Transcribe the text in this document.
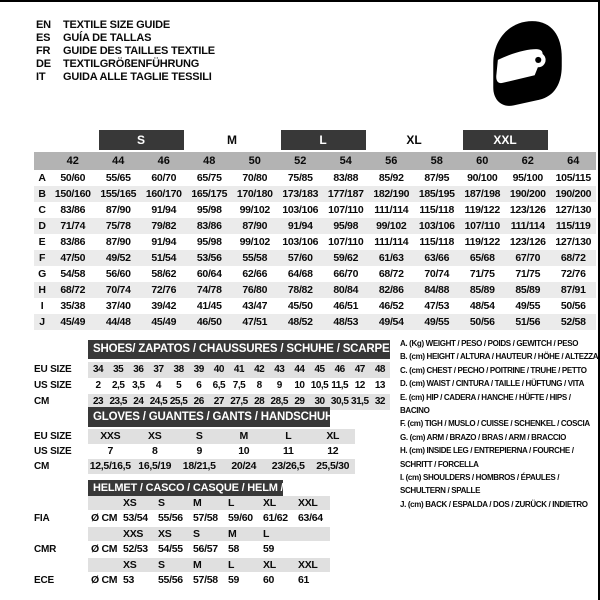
EN TEXTILE SIZE GUIDE
ES GUÍA DE TALLAS
FR GUIDE DES TAILLES TEXTILE
DE TEXTILGRÖßENFÜHRUNG
IT GUIDA ALLE TAGLIE TESSILI
S	M	L	XL	XXL
42	44	46	48	50	52	54	56	58	60	62	64
A	50/60	55/65	60/70	65/75	70/80	75/85	83/88	85/92	87/95	90/100	95/100	105/115
B 150/160 155/165 160/170 165/175 170/180 173/183 177/187 182/190 185/195 187/198 190/200 190/200
C	83/86	87/90	91/94	95/98	99/102	103/106 107/110	111/114	115/118	119/122 123/126 127/130
D	71/74	75/78	79/82	83/86	87/90	91/94	95/98	99/102	103/106 107/110	111/114	115/119
E	83/86	87/90	91/94	95/98	99/102	103/106 107/110	111/114	115/118	119/122 123/126 127/130
F	47/50	49/52	51/54	53/56	55/58	57/60	59/62	61/63	63/66	65/68	67/70	68/72
G	54/58	56/60	58/62	60/64	62/66	64/68	66/70	68/72	70/74	71/75	71/75	72/76
H	68/72	70/74	72/76	74/78	76/80	78/82	80/84	82/86	84/88	85/89	85/89	87/91
I	35/38	37/40	39/42	41/45	43/47	45/50	46/51	46/52	47/53	48/54	49/55	50/56
J	45/49	44/48	45/49	46/50	47/51	48/52	48/53	49/54	49/55	50/56	51/56	52/58
SHOES/ ZAPATOS / CHAUSSURES / SCHUHE / SCARPE
EU SIZE	34	35	36	37	38	39	40	41	42	43	44	45	46	47	48
US SIZE	2	2,5 3,5	4	5	6	6,5 7,5	8	9	10 10,5 11,5 12	13
CM	23 23,5 24 24,5 25,5 26	27 27,5 28 28,5 29	30 30,5 31,5 32
GLOVES / GUANTES / GANTS / HANDSCHUHE / GUANTI
EU SIZE	XXS	XS	S	M	L	XL
US SIZE	7	8	9	10	11	12
CM	12,5/16,5 16,5/19	18/21,5	20/24	23/26,5	25,5/30
HELMET / CASCO / CASQUE / HELM / CASCO
XS	S	M	L	XL	XXL
FIA	Ø CM 53/54 55/56 57/58 59/60 61/62 63/64
XXS	XS	S	M	L
CMR	Ø CM 52/53 54/55 56/57 58	59
XS	S	M	L	XL	XXL
ECE	Ø CM 53	55/56 57/58 59	60	61
A. (Kg) WEIGHT / PESO / POIDS / GEWITCH / PESO
B. (cm) HEIGHT / ALTURA / HAUTEUR / HÖHE / ALTEZZA
C. (cm) CHEST / PECHO / POITRINE / TRUHE / PETTO
D. (cm) WAIST / CINTURA / TAILLE / HÜFTUNG / VITA
E. (cm) HIP / CADERA / HANCHE / HÜFTE / HIPS / BACINO
F. (cm) TIGH / MUSLO / CUISSE / SCHENKEL / COSCIA
G. (cm) ARM / BRAZO / BRAS / ARM / BRACCIO
H. (cm) INSIDE LEG / ENTREPIERNA / FOURCHE / SCHRITT / FORCELLA
I. (cm) SHOULDERS / HOMBROS / ÉPAULES / SCHULTERN / SPALLE
J. (cm) BACK / ESPALDA / DOS / ZURÜCK / INDIETRO
